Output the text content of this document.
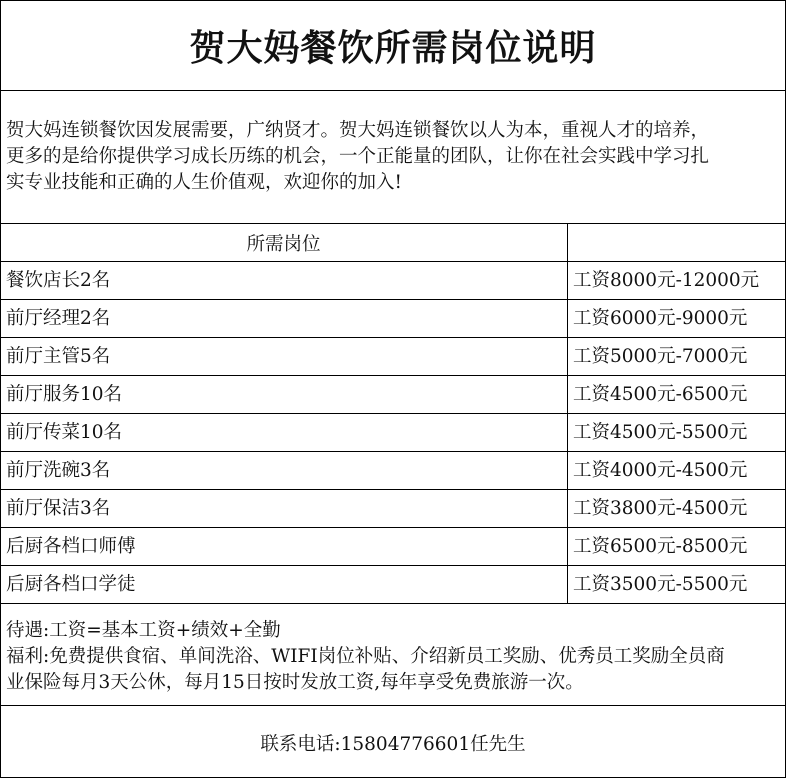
贺大妈餐饮所需岗位说明
贺大妈连锁餐饮因发展需要，广纳贤才。贺大妈连锁餐饮以人为本，重视人才的培养，
更多的是给你提供学习成长历练的机会，一个正能量的团队，让你在社会实践中学习扎
实专业技能和正确的人生价值观，欢迎你的加入!
所需岗位
餐饮店长2名	工资8000元-12000元
前厅经理2名	工资6000元-9000元
前厅主管5名	工资5000元-7000元
前厅服务10名	工资4500元-6500元
前厅传菜10名	工资4500元-5500元
前厅洗碗3名	工资4000元-4500元
前厅保洁3名	工资3800元-4500元
后厨各档口师傅	工资6500元-8500元
后厨各档口学徒	工资3500元-5500元
待遇:工资=基本工资+绩效+全勤
福利:免费提供食宿、单间洗浴、WIFI岗位补贴、介绍新员工奖励、优秀员工奖励全员商
业保险每月3天公休，每月15日按时发放工资,每年享受免费旅游一次。
联系电话:15804776601任先生
